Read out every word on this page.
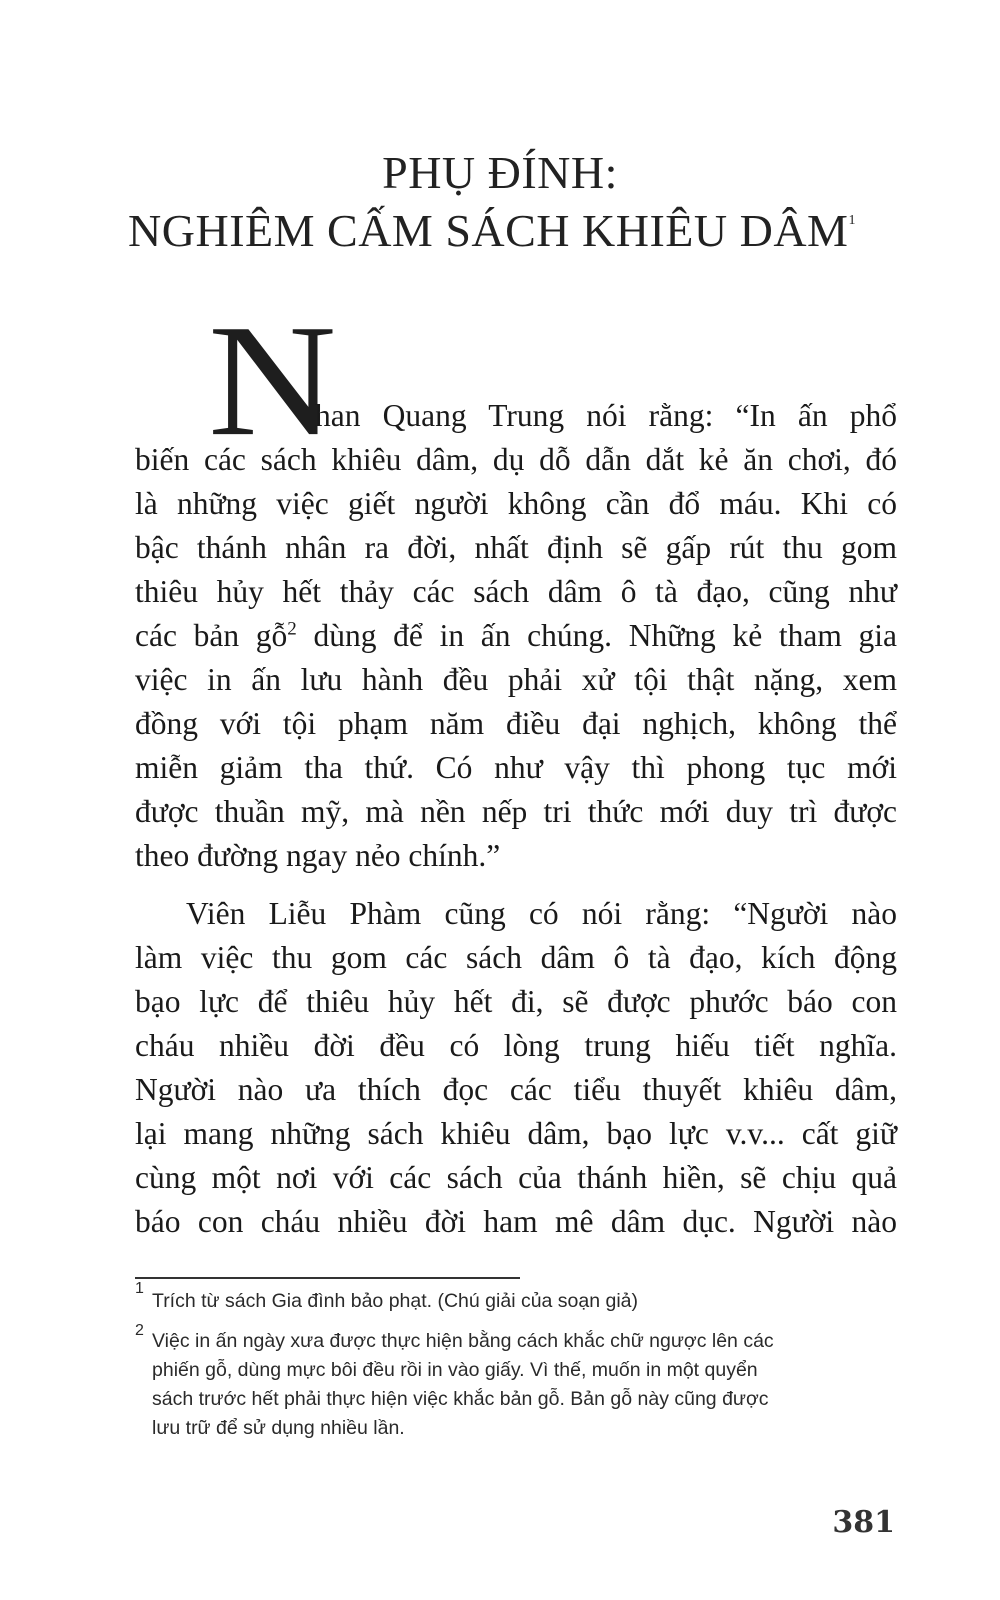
PHỤ ĐÍNH:
NGHIÊM CẤM SÁCH KHIÊU DÂM$^1$
N
han Quang Trung nói rằng: “In ấn phổ
biến các sách khiêu dâm, dụ dỗ dẫn dắt kẻ ăn chơi, đó
là những việc giết người không cần đổ máu. Khi có
bậc thánh nhân ra đời, nhất định sẽ gấp rút thu gom
thiêu hủy hết thảy các sách dâm ô tà đạo, cũng như
các bản gỗ$^2$ dùng để in ấn chúng. Những kẻ tham gia
việc in ấn lưu hành đều phải xử tội thật nặng, xem
đồng với tội phạm năm điều đại nghịch, không thể
miễn giảm tha thứ. Có như vậy thì phong tục mới
được thuần mỹ, mà nền nếp tri thức mới duy trì được
theo đường ngay nẻo chính.”
Viên Liễu Phàm cũng có nói rằng: “Người nào
làm việc thu gom các sách dâm ô tà đạo, kích động
bạo lực để thiêu hủy hết đi, sẽ được phước báo con
cháu nhiều đời đều có lòng trung hiếu tiết nghĩa.
Người nào ưa thích đọc các tiểu thuyết khiêu dâm,
lại mang những sách khiêu dâm, bạo lực v.v... cất giữ
cùng một nơi với các sách của thánh hiền, sẽ chịu quả
báo con cháu nhiều đời ham mê dâm dục. Người nào
1
Trích từ sách Gia đình bảo phạt. (Chú giải của soạn giả)
2 Việc in ấn ngày xưa được thực hiện bằng cách khắc chữ ngược lên các
phiến gỗ, dùng mực bôi đều rồi in vào giấy. Vì thế, muốn in một quyển
sách trước hết phải thực hiện việc khắc bản gỗ. Bản gỗ này cũng được
lưu trữ để sử dụng nhiều lần.
381
